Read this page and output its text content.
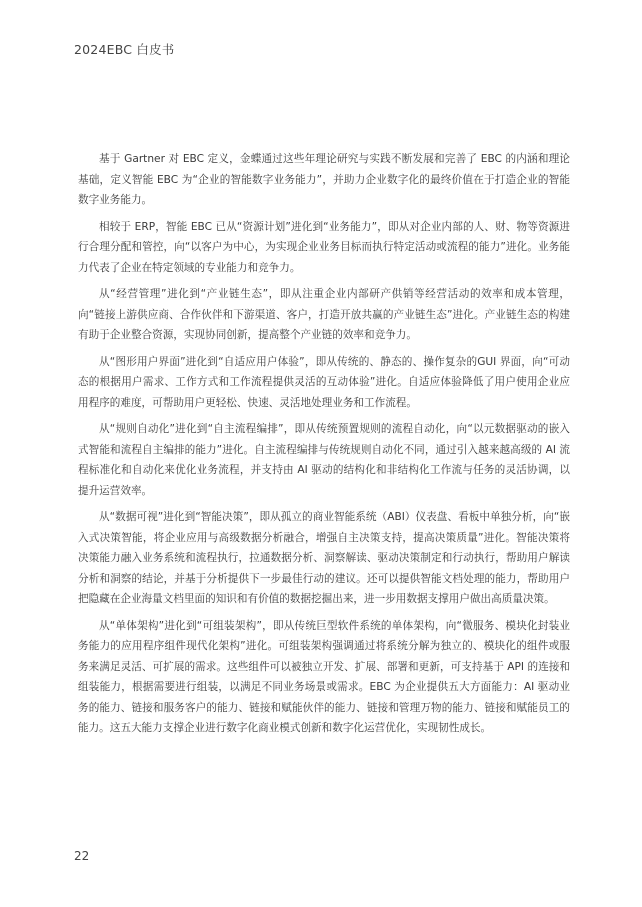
2024EBC 白皮书

基于 Gartner 对 EBC 定义，金蝶通过这些年理论研究与实践不断发展和完善了 EBC 的内涵和理论基础，定义智能 EBC 为“企业的智能数字业务能力”，并助力企业数字化的最终价值在于打造企业的智能数字业务能力。

相较于 ERP，智能 EBC 已从“资源计划”进化到“业务能力”，即从对企业内部的人、财、物等资源进行合理分配和管控，向“以客户为中心，为实现企业业务目标而执行特定活动或流程的能力”进化。业务能力代表了企业在特定领域的专业能力和竞争力。

从“经营管理”进化到“产业链生态”，即从注重企业内部研产供销等经营活动的效率和成本管理，向“链接上游供应商、合作伙伴和下游渠道、客户，打造开放共赢的产业链生态”进化。产业链生态的构建有助于企业整合资源，实现协同创新，提高整个产业链的效率和竞争力。

从“图形用户界面”进化到“自适应用户体验”，即从传统的、静态的、操作复杂的GUI 界面，向“可动态的根据用户需求、工作方式和工作流程提供灵活的互动体验”进化。自适应体验降低了用户使用企业应用程序的难度，可帮助用户更轻松、快速、灵活地处理业务和工作流程。

从“规则自动化”进化到“自主流程编排”，即从传统预置规则的流程自动化，向“以元数据驱动的嵌入式智能和流程自主编排的能力”进化。自主流程编排与传统规则自动化不同，通过引入越来越高级的 AI 流程标准化和自动化来优化业务流程，并支持由 AI 驱动的结构化和非结构化工作流与任务的灵活协调，以提升运营效率。

从“数据可视”进化到“智能决策”，即从孤立的商业智能系统（ABI）仪表盘、看板中单独分析，向“嵌入式决策智能，将企业应用与高级数据分析融合，增强自主决策支持，提高决策质量”进化。智能决策将决策能力融入业务系统和流程执行，拉通数据分析、洞察解读、驱动决策制定和行动执行，帮助用户解读分析和洞察的结论，并基于分析提供下一步最佳行动的建议。还可以提供智能文档处理的能力，帮助用户把隐藏在企业海量文档里面的知识和有价值的数据挖掘出来，进一步用数据支撑用户做出高质量决策。

从“单体架构”进化到“可组装架构”，即从传统巨型软件系统的单体架构，向“微服务、模块化封装业务能力的应用程序组件现代化架构”进化。可组装架构强调通过将系统分解为独立的、模块化的组件或服务来满足灵活、可扩展的需求。这些组件可以被独立开发、扩展、部署和更新，可支持基于 API 的连接和组装能力，根据需要进行组装，以满足不同业务场景或需求。EBC 为企业提供五大方面能力：AI 驱动业务的能力、链接和服务客户的能力、链接和赋能伙伴的能力、链接和管理万物的能力、链接和赋能员工的能力。这五大能力支撑企业进行数字化商业模式创新和数字化运营优化，实现韧性成长。

22
